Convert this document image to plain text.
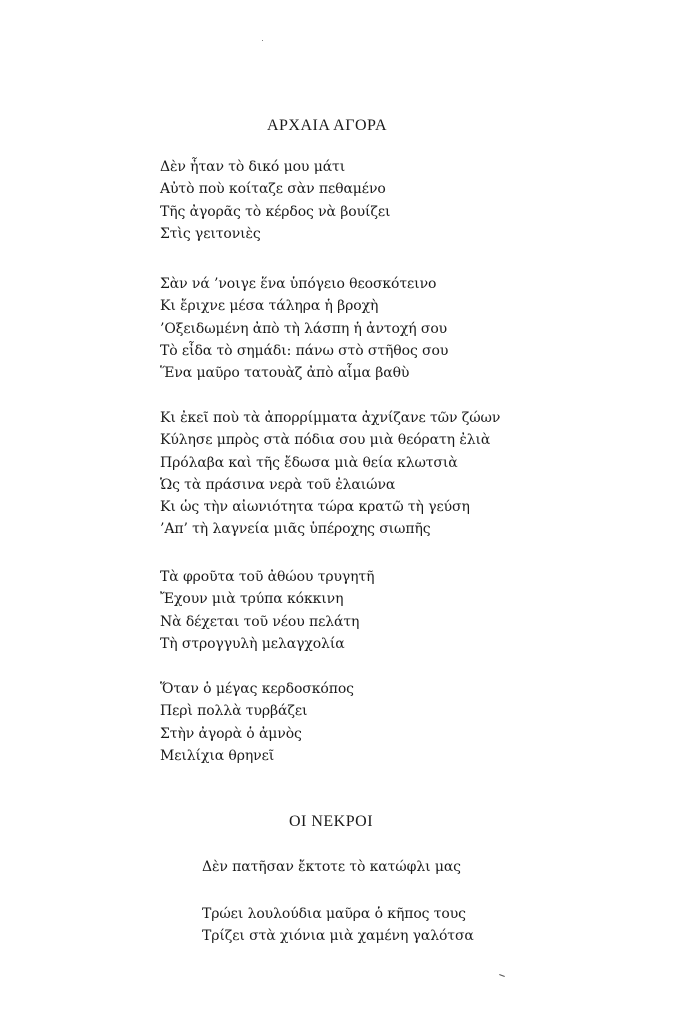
ΑΡΧΑΙΑ ΑΓΟΡΑ
Δὲν ἦταν τὸ δικό μου μάτι
Αὐτὸ ποὺ κοίταζε σὰν πεθαμένο
Τῆς ἀγορᾶς τὸ κέρδος νὰ βουίζει
Στὶς γειτονιὲς
Σὰν νά ’νοιγε ἕνα ὑπόγειο θεοσκότεινο
Κι ἔριχνε μέσα τάληρα ἡ βροχὴ
’Οξειδωμένη ἀπὸ τὴ λάσπη ἡ ἀντοχή σου
Τὸ εἶδα τὸ σημάδι: πάνω στὸ στῆθος σου
Ἕνα μαῦρο τατουὰζ ἀπὸ αἷμα βαθὺ
Κι ἐκεῖ ποὺ τὰ ἀπορρίμματα ἀχνίζανε τῶν ζώων
Κύλησε μπρὸς στὰ πόδια σου μιὰ θεόρατη ἐλιὰ
Πρόλαβα καὶ τῆς ἔδωσα μιὰ θεία κλωτσιὰ
Ὡς τὰ πράσινα νερὰ τοῦ ἐλαιώνα
Κι ὡς τὴν αἰωνιότητα τώρα κρατῶ τὴ γεύση
’Απ’ τὴ λαγνεία μιᾶς ὑπέροχης σιωπῆς
Τὰ φροῦτα τοῦ ἀθώου τρυγητῆ
Ἔχουν μιὰ τρύπα κόκκινη
Νὰ δέχεται τοῦ νέου πελάτη
Τὴ στρογγυλὴ μελαγχολία
Ὅταν ὁ μέγας κερδοσκόπος
Περὶ πολλὰ τυρβάζει
Στὴν ἀγορὰ ὁ ἀμνὸς
Μειλίχια θρηνεῖ
ΟΙ ΝΕΚΡΟΙ
Δὲν πατῆσαν ἔκτοτε τὸ κατώφλι μας
Τρώει λουλούδια μαῦρα ὁ κῆπος τους
Τρίζει στὰ χιόνια μιὰ χαμένη γαλότσα
